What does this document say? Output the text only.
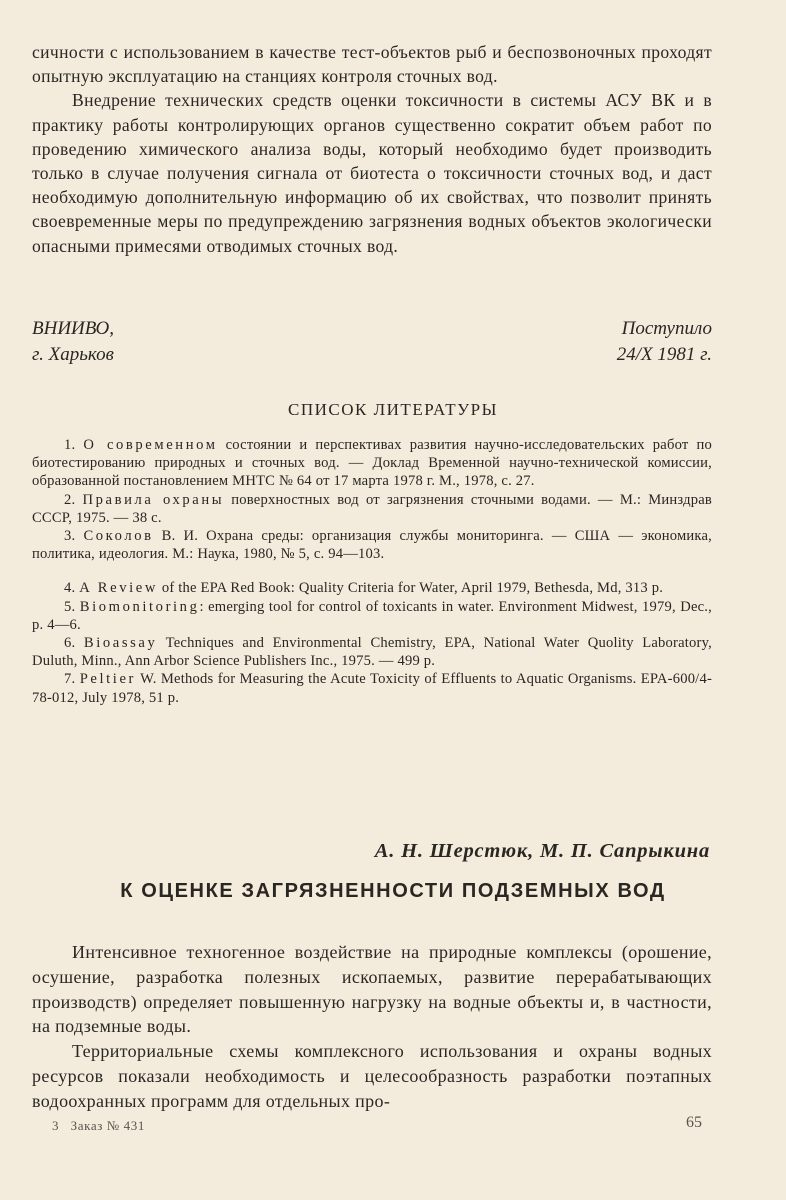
сичности с использованием в качестве тест-объектов рыб и беспозвоночных проходят опытную эксплуатацию на станциях контроля сточных вод.

Внедрение технических средств оценки токсичности в системы АСУ ВК и в практику работы контролирующих органов существенно сократит объем работ по проведению химического анализа воды, который необходимо будет производить только в случае получения сигнала от биотеста о токсичности сточных вод, и даст необходимую дополнительную информацию об их свойствах, что позволит принять своевременные меры по предупреждению загрязнения водных объектов экологически опасными примесями отводимых сточных вод.

ВНИИВО,
г. Харьков
Поступило
24/X 1981 г.
СПИСОК ЛИТЕРАТУРЫ

1. О современном состоянии и перспективах развития научно-исследовательских работ по биотестированию природных и сточных вод. — Доклад Временной научно-технической комиссии, образованной постановлением МНТС № 64 от 17 марта 1978 г. М., 1978, с. 27.

2. Правила охраны поверхностных вод от загрязнения сточными водами. — М.: Минздрав СССР, 1975. — 38 с.

3. Соколов В. И. Охрана среды: организация службы мониторинга. — США — экономика, политика, идеология. М.: Наука, 1980, № 5, с. 94—103.

4. A Review of the EPA Red Book: Quality Criteria for Water, April 1979, Bethesda, Md, 313 p.

5. Biomonitoring: emerging tool for control of toxicants in water. Environment Midwest, 1979, Dec., p. 4—6.

6. Bioassay Techniques and Environmental Chemistry, EPA, National Water Quolity Laboratory, Duluth, Minn., Ann Arbor Science Publishers Inc., 1975. — 499 p.

7. Peltier W. Methods for Measuring the Acute Toxicity of Effluents to Aquatic Organisms. EPA-600/4-78-012, July 1978, 51 p.

А. Н. Шерстюк, М. П. Сапрыкина
К ОЦЕНКЕ ЗАГРЯЗНЕННОСТИ ПОДЗЕМНЫХ ВОД

Интенсивное техногенное воздействие на природные комплексы (орошение, осушение, разработка полезных ископаемых, развитие перерабатывающих производств) определяет повышенную нагрузку на водные объекты и, в частности, на подземные воды.

Территориальные схемы комплексного использования и охраны водных ресурсов показали необходимость и целесообразность разработки поэтапных водоохранных программ для отдельных про-

3   Заказ № 431	65
